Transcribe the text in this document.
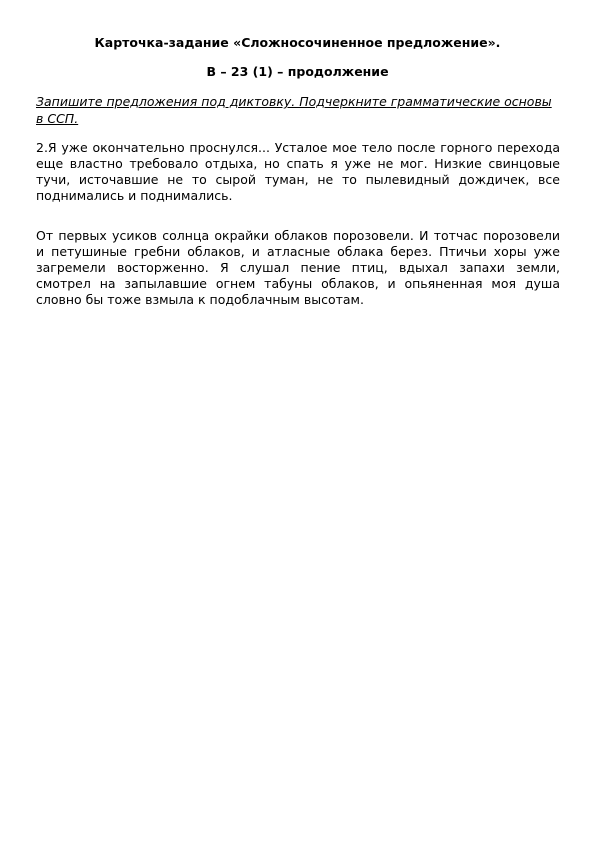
Карточка-задание «Сложносочиненное предложение».
В – 23 (1) – продолжение

Запишите предложения под диктовку. Подчеркните грамматические основы в ССП.

2.Я уже окончательно проснулся... Усталое мое тело после горного перехода еще властно требовало отдыха, но спать я уже не мог. Низкие свинцовые тучи, источавшие не то сырой туман, не то пылевидный дождичек, все поднимались и поднимались.

От первых усиков солнца окрайки облаков порозовели. И тотчас порозовели и петушиные гребни облаков, и атласные облака берез. Птичьи хоры уже загремели восторженно. Я слушал пение птиц, вдыхал запахи земли, смотрел на запылавшие огнем табуны облаков, и опьяненная моя душа словно бы тоже взмыла к подоблачным высотам.
